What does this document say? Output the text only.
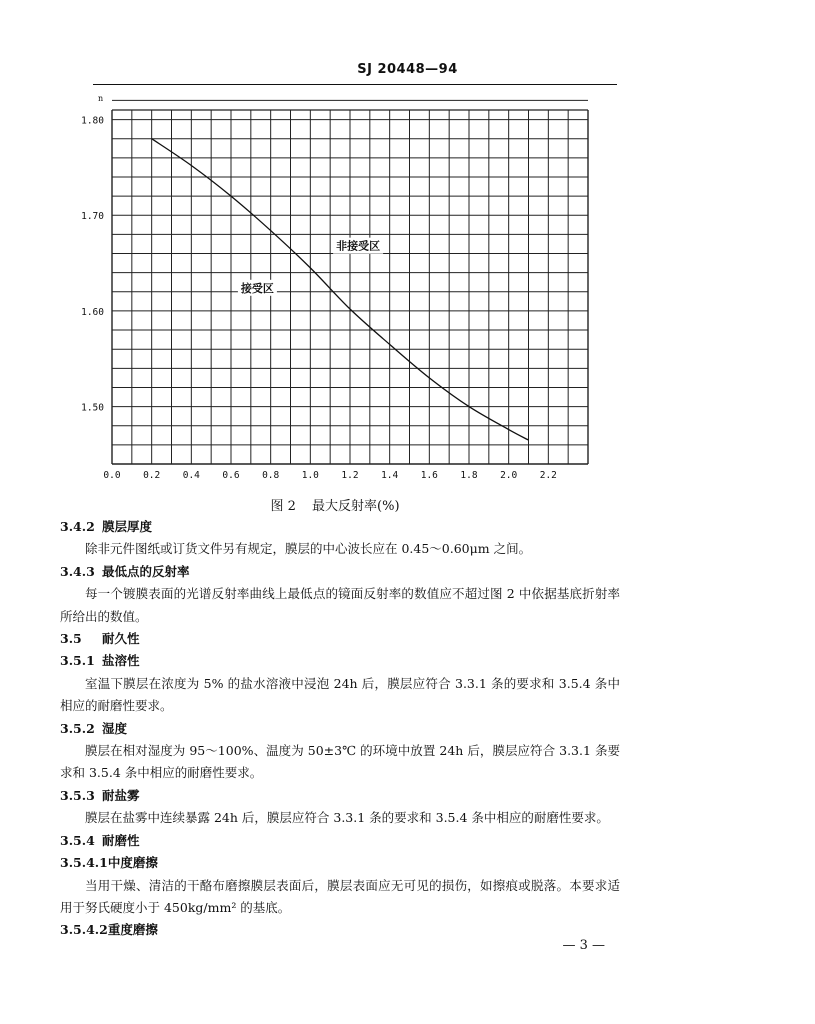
SJ 20448—94
0.0 0.2 0.4 0.6 0.8 1.0 1.2 1.4 1.6 1.8 2.0 2.2
1.50
1.60
1.70
1.80
n
非接受区
接受区
图 2 最大反射率(%)
3.4.2 膜层厚度
除非元件图纸或订货文件另有规定，膜层的中心波长应在 0.45～0.60μm 之间。
3.4.3 最低点的反射率
每一个镀膜表面的光谱反射率曲线上最低点的镜面反射率的数值应不超过图 2 中依据基底折射率所给出的数值。
3.5 耐久性
3.5.1 盐溶性
室温下膜层在浓度为 5% 的盐水溶液中浸泡 24h 后，膜层应符合 3.3.1 条的要求和 3.5.4 条中相应的耐磨性要求。
3.5.2 湿度
膜层在相对湿度为 95～100%、温度为 50±3℃ 的环境中放置 24h 后，膜层应符合 3.3.1 条要求和 3.5.4 条中相应的耐磨性要求。
3.5.3 耐盐雾
膜层在盐雾中连续暴露 24h 后，膜层应符合 3.3.1 条的要求和 3.5.4 条中相应的耐磨性要求。
3.5.4 耐磨性
3.5.4.1中度磨擦
当用干燥、清洁的干酪布磨擦膜层表面后，膜层表面应无可见的损伤，如擦痕或脱落。本要求适用于努氏硬度小于 450kg/mm² 的基底。
3.5.4.2重度磨擦
— 3 —
